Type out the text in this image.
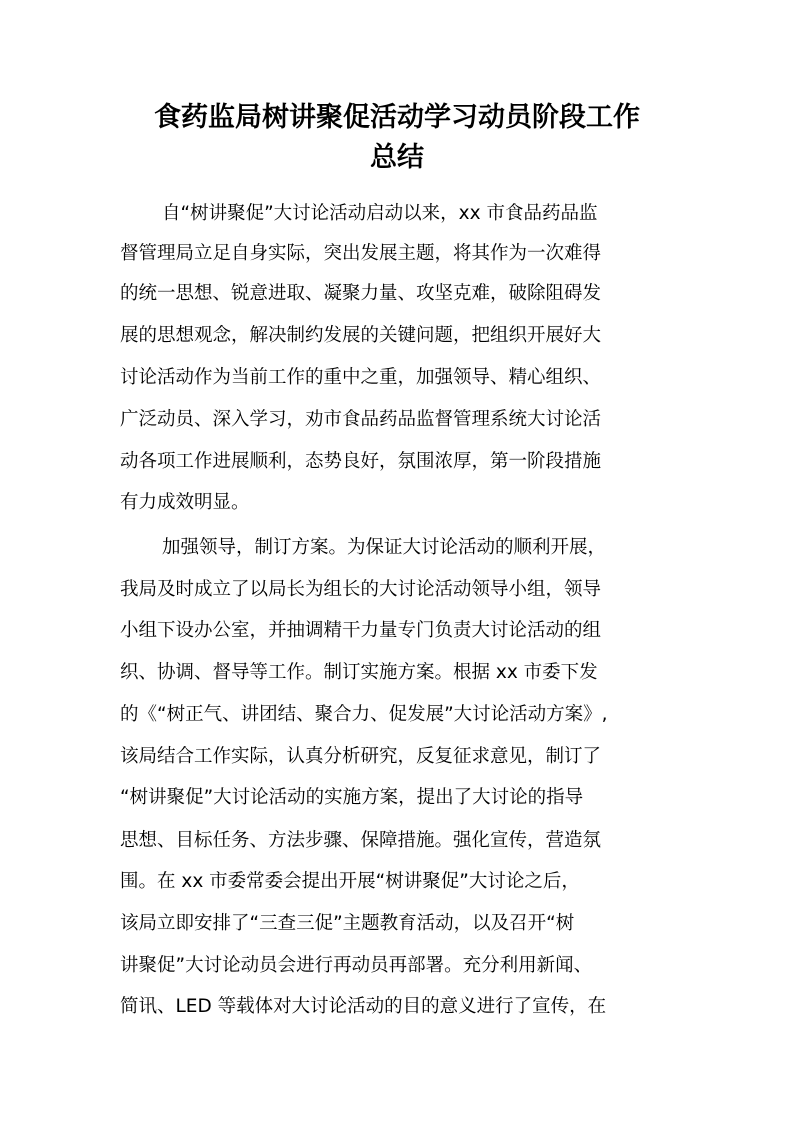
食药监局树讲聚促活动学习动员阶段工作
总结

自“树讲聚促”大讨论活动启动以来，xx 市食品药品监

督管理局立足自身实际，突出发展主题，将其作为一次难得

的统一思想、锐意进取、凝聚力量、攻坚克难，破除阻碍发

展的思想观念，解决制约发展的关键问题，把组织开展好大

讨论活动作为当前工作的重中之重，加强领导、精心组织、

广泛动员、深入学习，劝市食品药品监督管理系统大讨论活

动各项工作进展顺利，态势良好，氛围浓厚，第一阶段措施

有力成效明显。

加强领导，制订方案。为保证大讨论活动的顺利开展，

我局及时成立了以局长为组长的大讨论活动领导小组，领导

小组下设办公室，并抽调精干力量专门负责大讨论活动的组

织、协调、督导等工作。制订实施方案。根据 xx 市委下发

的《“树正气、讲团结、聚合力、促发展”大讨论活动方案》,

该局结合工作实际，认真分析研究，反复征求意见，制订了

“树讲聚促”大讨论活动的实施方案，提出了大讨论的指导

思想、目标任务、方法步骤、保障措施。强化宣传，营造氛

围。在 xx 市委常委会提出开展“树讲聚促”大讨论之后，

该局立即安排了“三查三促”主题教育活动，以及召开“树

讲聚促”大讨论动员会进行再动员再部署。充分利用新闻、

简讯、LED 等载体对大讨论活动的目的意义进行了宣传，在
